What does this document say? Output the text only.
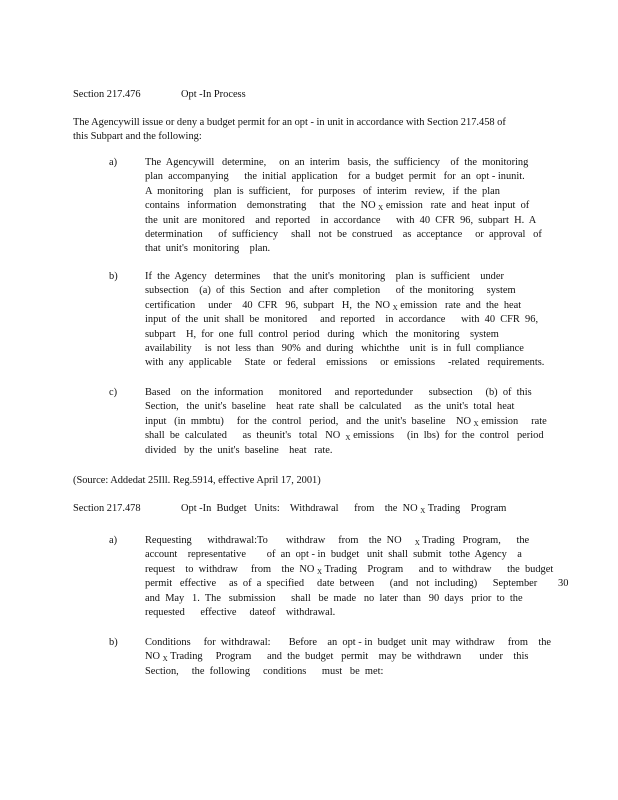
Section 217.476	Opt -In Process
The Agencywill issue or deny a budget permit for an opt - in unit in accordance with Section 217.458 of this Subpart and the following:
a)	The  Agencywill   determine,     on  an  interim   basis,  the  sufficiency    of  the  monitoring
plan  accompanying      the  initial  application    for  a  budget  permit   for  an  opt - inunit.
A  monitoring    plan  is  sufficient,    for  purposes   of  interim   review,   if  the  plan
contains   information    demonstrating     that   the  NO $_X$ emission   rate  and  heat  input  of
the  unit  are  monitored    and  reported    in  accordance      with  40  CFR  96,  subpart  H.  A
determination      of  sufficiency     shall   not  be  construed    as  acceptance     or  approval   of
that  unit's  monitoring    plan.
b)	If  the  Agency   determines     that  the  unit's  monitoring    plan  is  sufficient    under
subsection    (a)  of  this  Section   and  after  completion      of  the  monitoring     system
certification     under    40  CFR   96,  subpart   H,  the  NO $_X$ emission   rate  and  the  heat
input  of  the  unit  shall  be  monitored     and  reported    in  accordance      with  40  CFR  96,
subpart    H,  for  one  full  control  period   during   which   the  monitoring    system
availability     is  not  less  than   90%  and  during   whichthe    unit  is  in  full  compliance
with  any  applicable     State   or  federal    emissions     or  emissions     -related   requirements.
c)	Based    on  the  information      monitored     and  reportedunder      subsection     (b)  of  this
Section,   the  unit's  baseline    heat  rate  shall  be  calculated     as  the  unit's  total  heat
input   (in  mmbtu)     for  the  control   period,   and  the  unit's  baseline    NO $_X$ emission     rate
shall  be  calculated      as  theunit's   total   NO  $_X$ emissions     (in  lbs)  for  the  control   period
divided   by  the  unit's  baseline    heat   rate.
(Source: Addedat 25Ill. Reg.5914, effective April 17, 2001)
Section 217.478	Opt -In  Budget   Units:    Withdrawal      from    the  NO $_X$ Trading    Program
a)	Requesting      withdrawal:To       withdraw     from    the  NO     $_X$ Trading   Program,      the
account    representative        of  an  opt - in  budget   unit  shall  submit   tothe  Agency    a
request    to  withdraw     from    the  NO $_X$ Trading    Program      and  to  withdraw      the  budget
permit   effective     as  of  a  specified     date  between      (and   not  including)      September        30
and  May   1.  The   submission      shall   be  made   no  later  than   90  days   prior  to  the
requested      effective     dateof    withdrawal.
b)	Conditions     for  withdrawal:       Before    an  opt - in  budget  unit  may  withdraw     from    the
NO $_X$ Trading     Program      and  the  budget   permit    may  be  withdrawn       under    this
Section,     the  following     conditions      must   be  met:
